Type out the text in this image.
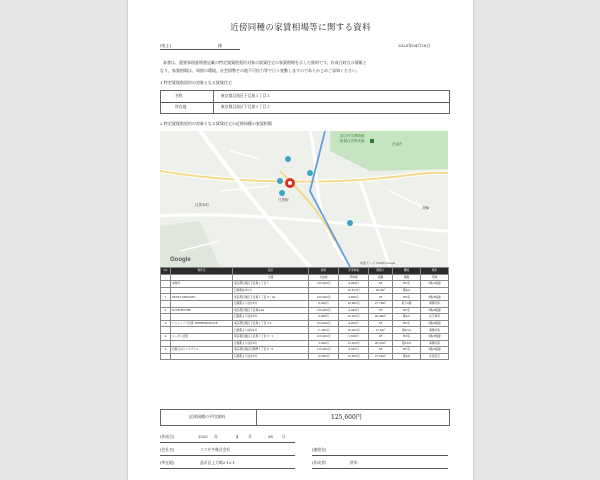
近傍同種の家賃相場等に関する資料
(宛土)	様	2025年04月28日
本書は、重要事項説明書記載の特定賃貸借契約対象の賃貸住宅の家賃相場を示した資料です。作成日時点の情報と
なり、家賃相場は、周囲の環境、社会情勢その他不可抗力等で日々変動しますのであらかじめご承知ください。
1 特定賃貸借契約の対象となる賃貸住宅
名称	東京都目黒区下目黒１丁目２
所在地	東京都目黒区下目黒１丁目２
2 特定賃貸借契約の対象となる賃貸住宅の近傍同種の家賃相場
Google	地図データ ©2025 Google
日黒駅
目黒本町
高輪
白金台
国立科学博物館
附属自然教育園
No	物件名	住所	賃料	平米単価	間取り	構造	築年
		交通	共益費	坪単価	面積	階数	用途
	本物件	東京都目黒区下目黒１丁目２	135,000円	4,964円	1R	RC造	3階/1階建
		目黒駅徒歩5分		16,412円	28.0m²	階2/4	
1	ZESTY MEGURO	東京都目黒区下目黒１丁目 3・19	125,000円	4,800円	1R	RC造	3階/3階建
		目黒駅より徒歩6分	6,000円	16,903円	27.18m²	地下2階	事務所等
2	NOIR ROCHE	東京都目黒区下目黒4-29	135,000円	4,943円	1R	RC造	3階/3階建
		目黒駅より徒歩6分	8,000円	16,353円	26.49m²	階2/3	住宅専用
3	コンシェリア目黒 THERESIDENCE	東京都目黒区下目黒１丁目 2 9	103,000円	4,903円	1R	RC造	3階/3階建
		目黒駅より徒歩4分	11,000円	16,203円	27.6m²	階6/14	事務所等
4	シーダム目黒	東京都目黒区下目黒１丁目 3・1	125,000円	5,658円	1R	RC造	3階/3階建
		目黒駅より徒歩9分	5,000円	15,253円	26.95m²	階15/8	事務所等
5	目黒日出ビレジデンス	東京都目黒区目黒野１丁目 6・6	115,000円	4,587円	1R	RC造	3階/3階建
		目黒駅より徒歩9分	10,000円	15,633円	27.02m²	階3/6	共同住宅
近傍同種の平均賃料	125,600円
(作成日)	2025 年	4	月	28 日
(会社名)	スマサチ株式会社	(連絡先)
(所在地)	品川区上大崎2-12-1	(作成者)	鈴木
